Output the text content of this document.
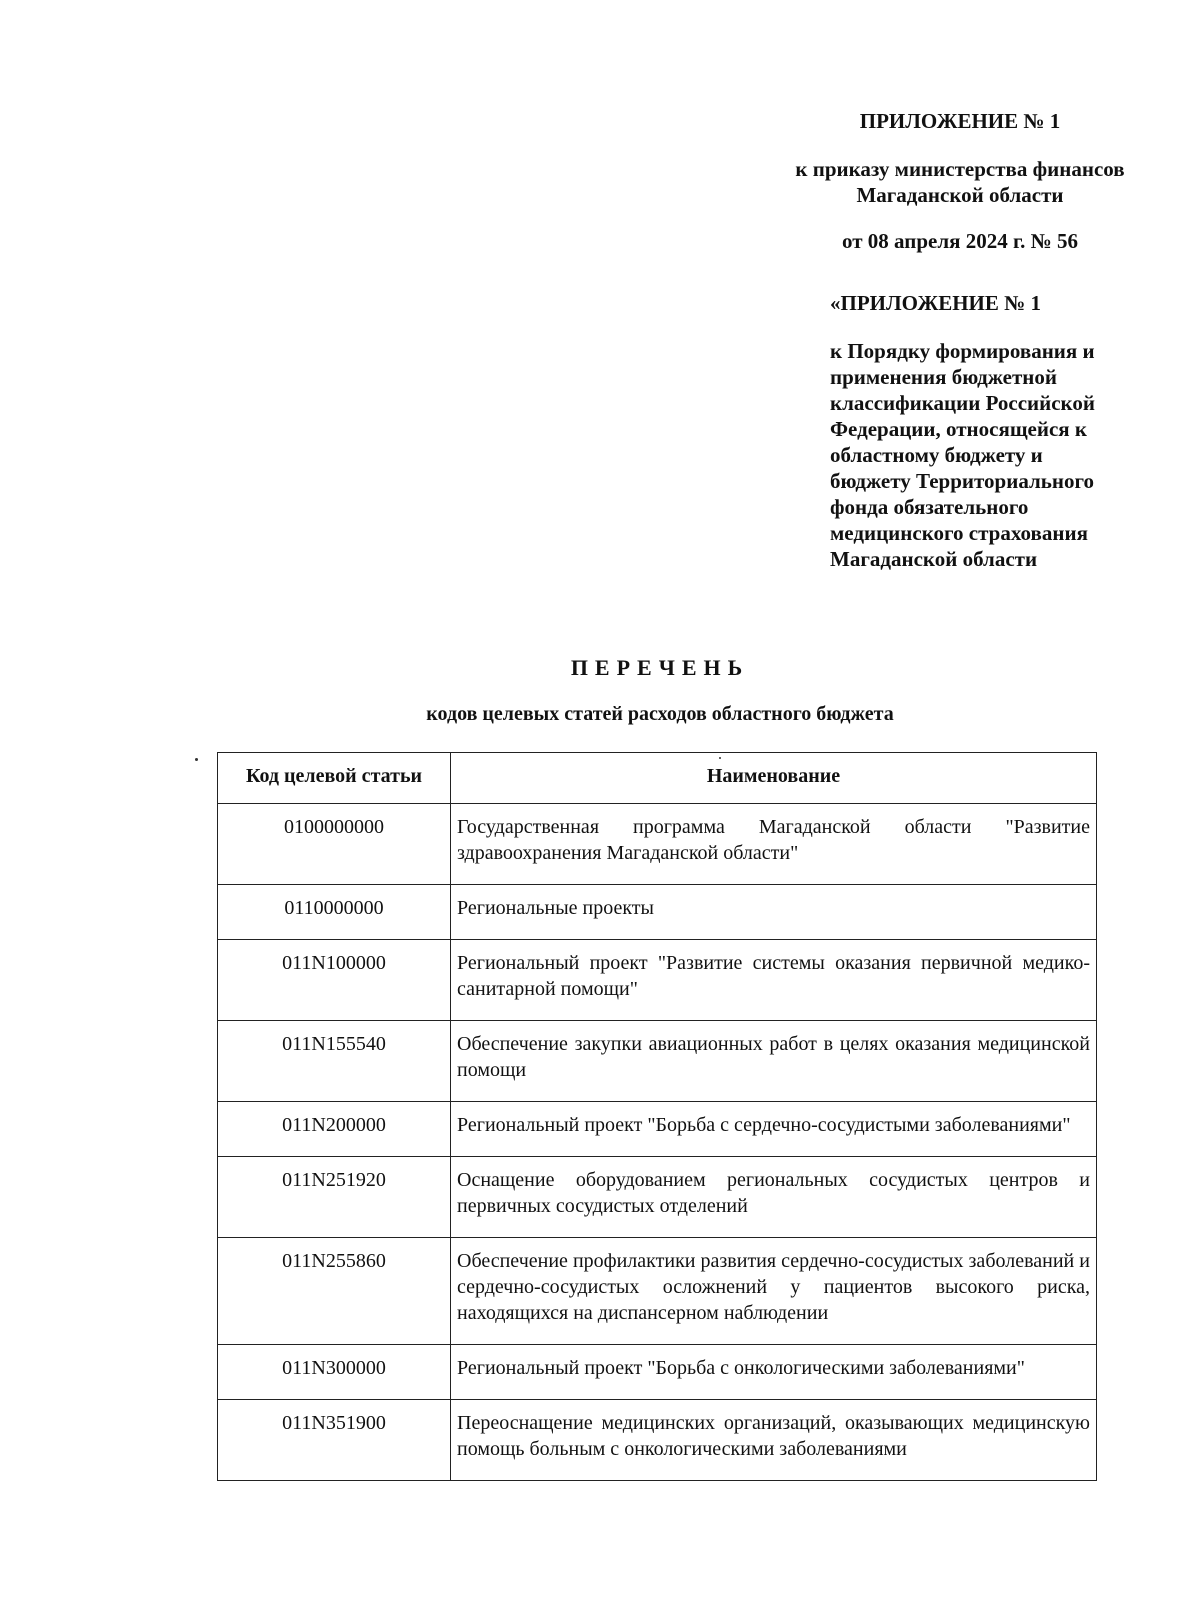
ПРИЛОЖЕНИЕ № 1
к приказу министерства финансов
Магаданской области
от 08 апреля 2024 г. № 56
«ПРИЛОЖЕНИЕ № 1
к Порядку формирования и
применения бюджетной
классификации Российской
Федерации, относящейся к
областному бюджету и
бюджету Территориального
фонда обязательного
медицинского страхования
Магаданской области
ПЕРЕЧЕНЬ
кодов целевых статей расходов областного бюджета
Код целевой статьи	Наименование
0100000000	Государственная программа Магаданской области "Развитие здравоохранения Магаданской области"
0110000000	Региональные проекты
011N100000	Региональный проект "Развитие системы оказания первичной медико-санитарной помощи"
011N155540	Обеспечение закупки авиационных работ в целях оказания медицинской помощи
011N200000	Региональный проект "Борьба с сердечно-сосудистыми заболеваниями"
011N251920	Оснащение оборудованием региональных сосудистых центров и первичных сосудистых отделений
011N255860	Обеспечение профилактики развития сердечно-сосудистых заболеваний и сердечно-сосудистых осложнений у пациентов высокого риска, находящихся на диспансерном наблюдении
011N300000	Региональный проект "Борьба с онкологическими заболеваниями"
011N351900	Переоснащение медицинских организаций, оказывающих медицинскую помощь больным с онкологическими заболеваниями
